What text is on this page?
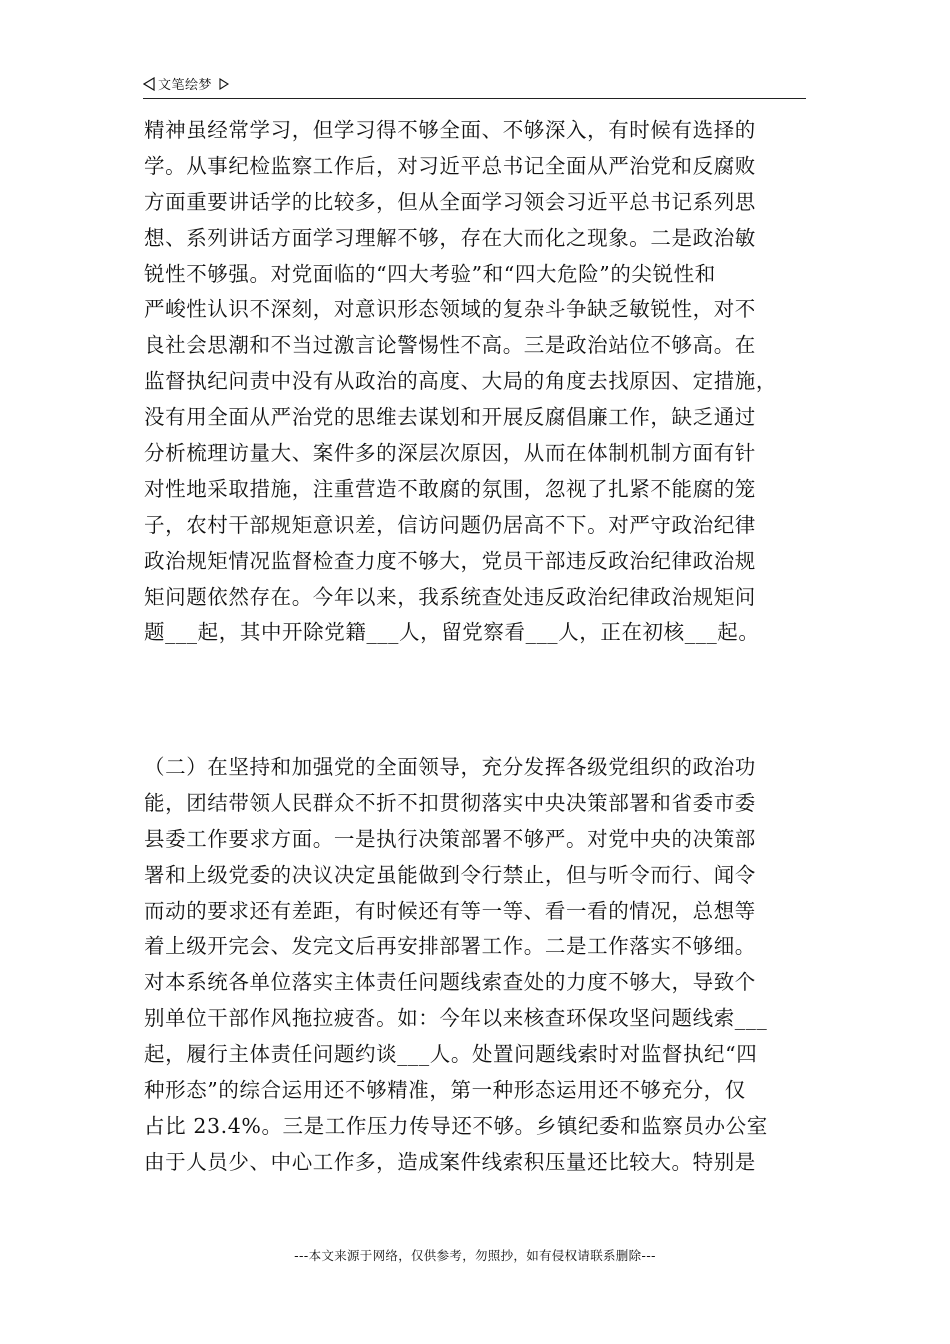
文笔绘梦
精神虽经常学习，但学习得不够全面、不够深入，有时候有选择的
学。从事纪检监察工作后，对习近平总书记全面从严治党和反腐败
方面重要讲话学的比较多，但从全面学习领会习近平总书记系列思
想、系列讲话方面学习理解不够，存在大而化之现象。二是政治敏
锐性不够强。对党面临的“四大考验”和“四大危险”的尖锐性和
严峻性认识不深刻，对意识形态领域的复杂斗争缺乏敏锐性，对不
良社会思潮和不当过激言论警惕性不高。三是政治站位不够高。在
监督执纪问责中没有从政治的高度、大局的角度去找原因、定措施，
没有用全面从严治党的思维去谋划和开展反腐倡廉工作，缺乏通过
分析梳理访量大、案件多的深层次原因，从而在体制机制方面有针
对性地采取措施，注重营造不敢腐的氛围，忽视了扎紧不能腐的笼
子，农村干部规矩意识差，信访问题仍居高不下。对严守政治纪律
政治规矩情况监督检查力度不够大，党员干部违反政治纪律政治规
矩问题依然存在。今年以来，我系统查处违反政治纪律政治规矩问
题___起，其中开除党籍___人，留党察看___人，正在初核___起。
（二）在坚持和加强党的全面领导，充分发挥各级党组织的政治功
能，团结带领人民群众不折不扣贯彻落实中央决策部署和省委市委
县委工作要求方面。一是执行决策部署不够严。对党中央的决策部
署和上级党委的决议决定虽能做到令行禁止，但与听令而行、闻令
而动的要求还有差距，有时候还有等一等、看一看的情况，总想等
着上级开完会、发完文后再安排部署工作。二是工作落实不够细。
对本系统各单位落实主体责任问题线索查处的力度不够大，导致个
别单位干部作风拖拉疲沓。如：今年以来核查环保攻坚问题线索___
起，履行主体责任问题约谈___人。处置问题线索时对监督执纪“四
种形态”的综合运用还不够精准，第一种形态运用还不够充分，仅
占比 23.4%。三是工作压力传导还不够。乡镇纪委和监察员办公室
由于人员少、中心工作多，造成案件线索积压量还比较大。特别是
---本文来源于网络，仅供参考，勿照抄，如有侵权请联系删除---
